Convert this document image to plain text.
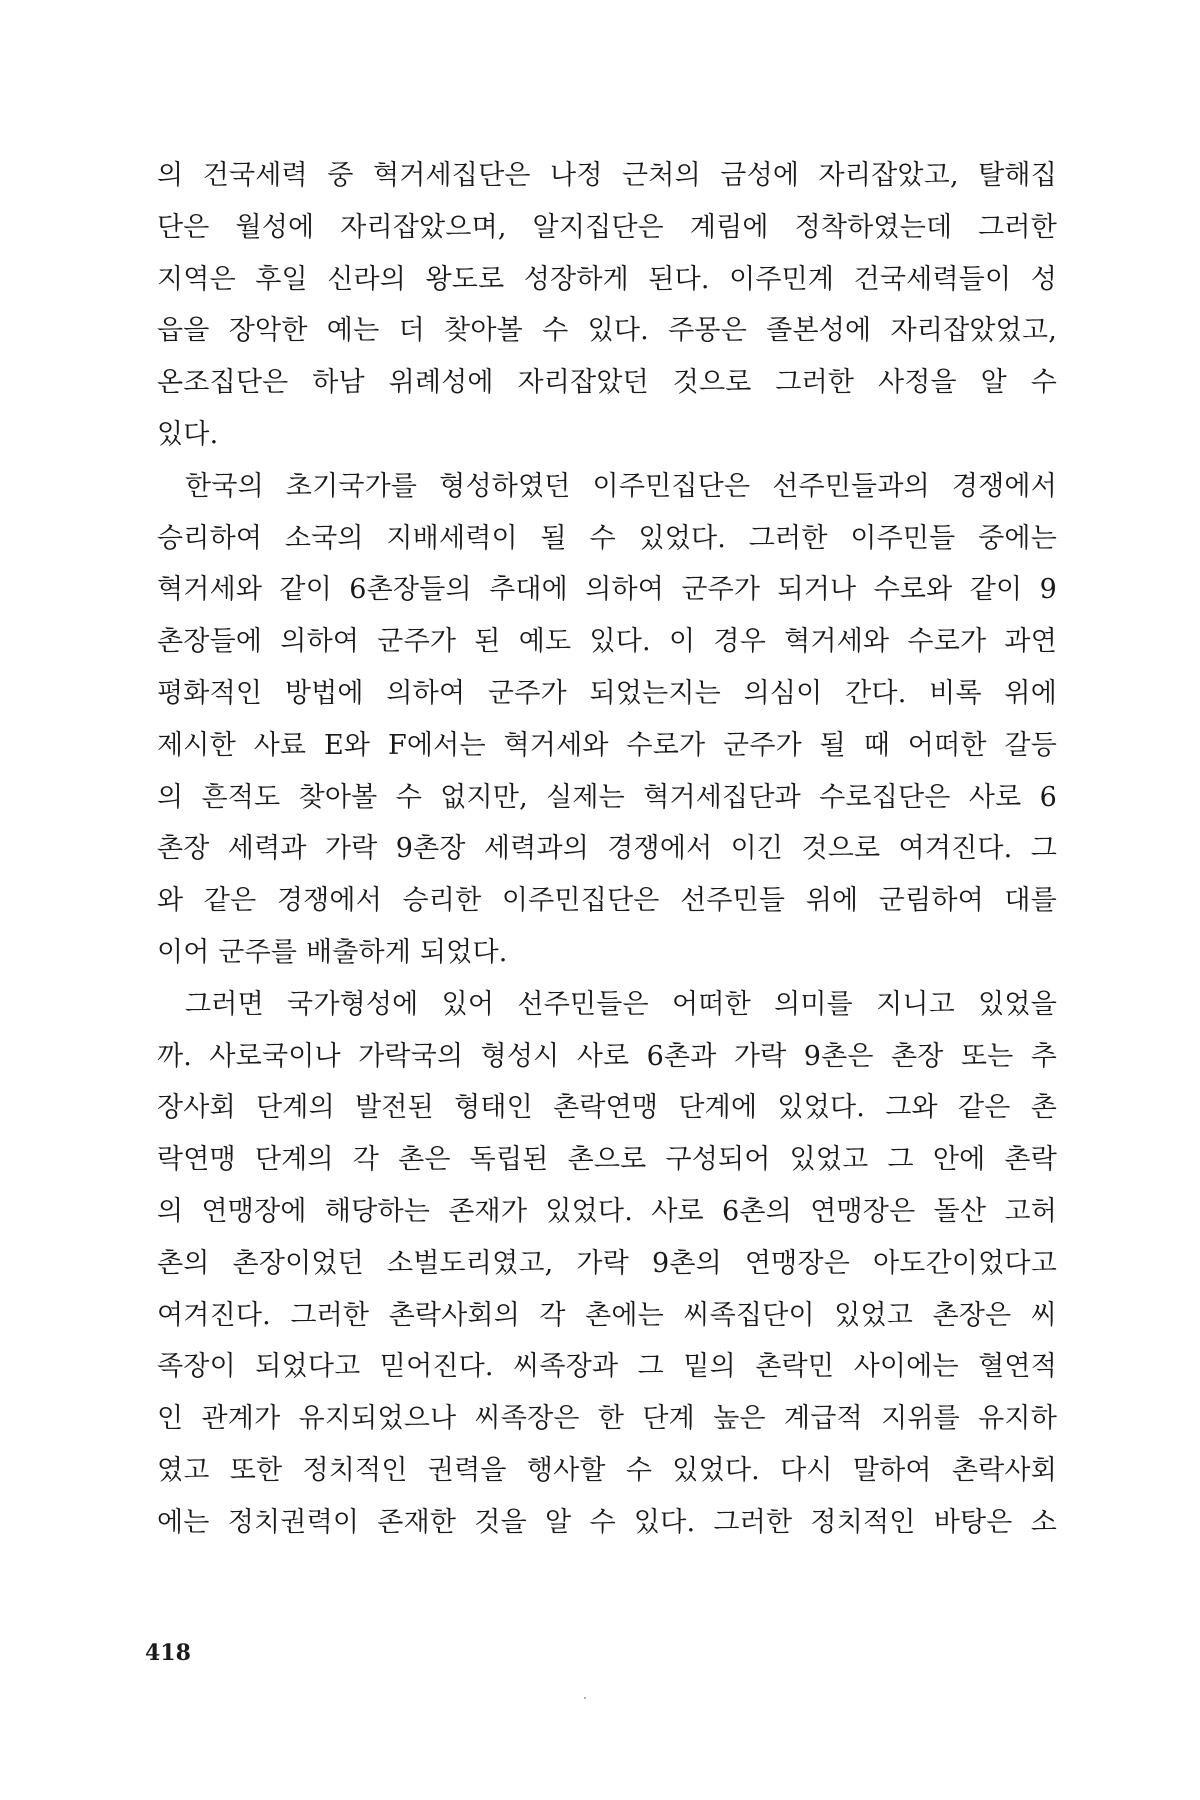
의 건국세력 중 혁거세집단은 나정 근처의 금성에 자리잡았고, 탈해집
단은 월성에 자리잡았으며, 알지집단은 계림에 정착하였는데 그러한
지역은 후일 신라의 왕도로 성장하게 된다. 이주민계 건국세력들이 성
읍을 장악한 예는 더 찾아볼 수 있다. 주몽은 졸본성에 자리잡았었고,
온조집단은 하남 위례성에 자리잡았던 것으로 그러한 사정을 알 수
있다.
한국의 초기국가를 형성하였던 이주민집단은 선주민들과의 경쟁에서
승리하여 소국의 지배세력이 될 수 있었다. 그러한 이주민들 중에는
혁거세와 같이 6촌장들의 추대에 의하여 군주가 되거나 수로와 같이 9
촌장들에 의하여 군주가 된 예도 있다. 이 경우 혁거세와 수로가 과연
평화적인 방법에 의하여 군주가 되었는지는 의심이 간다. 비록 위에
제시한 사료 E와 F에서는 혁거세와 수로가 군주가 될 때 어떠한 갈등
의 흔적도 찾아볼 수 없지만, 실제는 혁거세집단과 수로집단은 사로 6
촌장 세력과 가락 9촌장 세력과의 경쟁에서 이긴 것으로 여겨진다. 그
와 같은 경쟁에서 승리한 이주민집단은 선주민들 위에 군림하여 대를
이어 군주를 배출하게 되었다.
그러면 국가형성에 있어 선주민들은 어떠한 의미를 지니고 있었을
까. 사로국이나 가락국의 형성시 사로 6촌과 가락 9촌은 촌장 또는 추
장사회 단계의 발전된 형태인 촌락연맹 단계에 있었다. 그와 같은 촌
락연맹 단계의 각 촌은 독립된 촌으로 구성되어 있었고 그 안에 촌락
의 연맹장에 해당하는 존재가 있었다. 사로 6촌의 연맹장은 돌산 고허
촌의 촌장이었던 소벌도리였고, 가락 9촌의 연맹장은 아도간이었다고
여겨진다. 그러한 촌락사회의 각 촌에는 씨족집단이 있었고 촌장은 씨
족장이 되었다고 믿어진다. 씨족장과 그 밑의 촌락민 사이에는 혈연적
인 관계가 유지되었으나 씨족장은 한 단계 높은 계급적 지위를 유지하
였고 또한 정치적인 권력을 행사할 수 있었다. 다시 말하여 촌락사회
에는 정치권력이 존재한 것을 알 수 있다. 그러한 정치적인 바탕은 소
418
